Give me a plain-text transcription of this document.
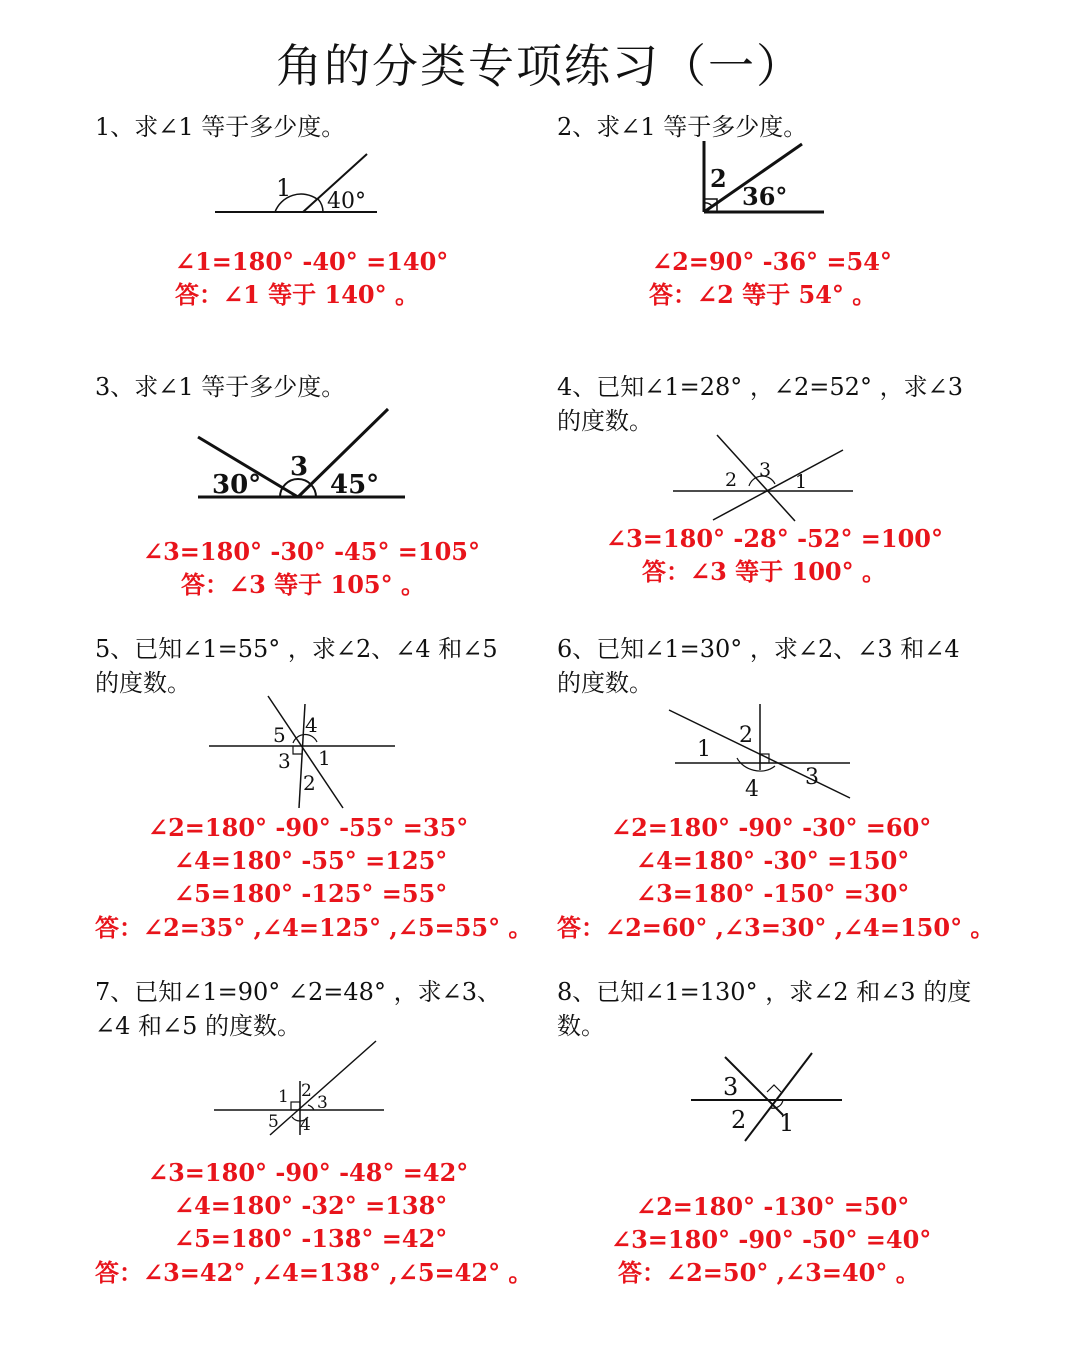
角的分类专项练习（一）

1、求∠1 等于多少度。

1 40°
∠1=180° -40° =140°
答：∠1 等于 140° 。

2、求∠1 等于多少度。

2
36°
∠2=90° -36° =54°
答：∠2 等于 54° 。

3、求∠1 等于多少度。

30°
3
45°
∠3=180° -30° -45° =105°
答：∠3 等于 105° 。

4、已知∠1=28° ，∠2=52° ，求∠3
的度数。

2 3
1
∠3=180° -28° -52° =100°
答：∠3 等于 100° 。

5、已知∠1=55° ，求∠2、∠4 和∠5
的度数。

5 4
3 1
2
∠2=180° -90° -55° =35°
∠4=180° -55° =125°
∠5=180° -125° =55°
答：∠2=35° ,∠4=125° ,∠5=55° 。

6、已知∠1=30° ，求∠2、∠3 和∠4
的度数。

1
2
3
4
∠2=180° -90° -30° =60°
∠4=180° -30° =150°
∠3=180° -150° =30°
答：∠2=60° ,∠3=30° ,∠4=150° 。

7、已知∠1=90° ∠2=48° ，求∠3、
∠4 和∠5 的度数。

1 2
3
5 4
∠3=180° -90° -48° =42°
∠4=180° -32° =138°
∠5=180° -138° =42°
答：∠3=42° ,∠4=138° ,∠5=42° 。

8、已知∠1=130° ，求∠2 和∠3 的度
数。

3
2 1
∠2=180° -130° =50°
∠3=180° -90° -50° =40°
答：∠2=50° ,∠3=40° 。
